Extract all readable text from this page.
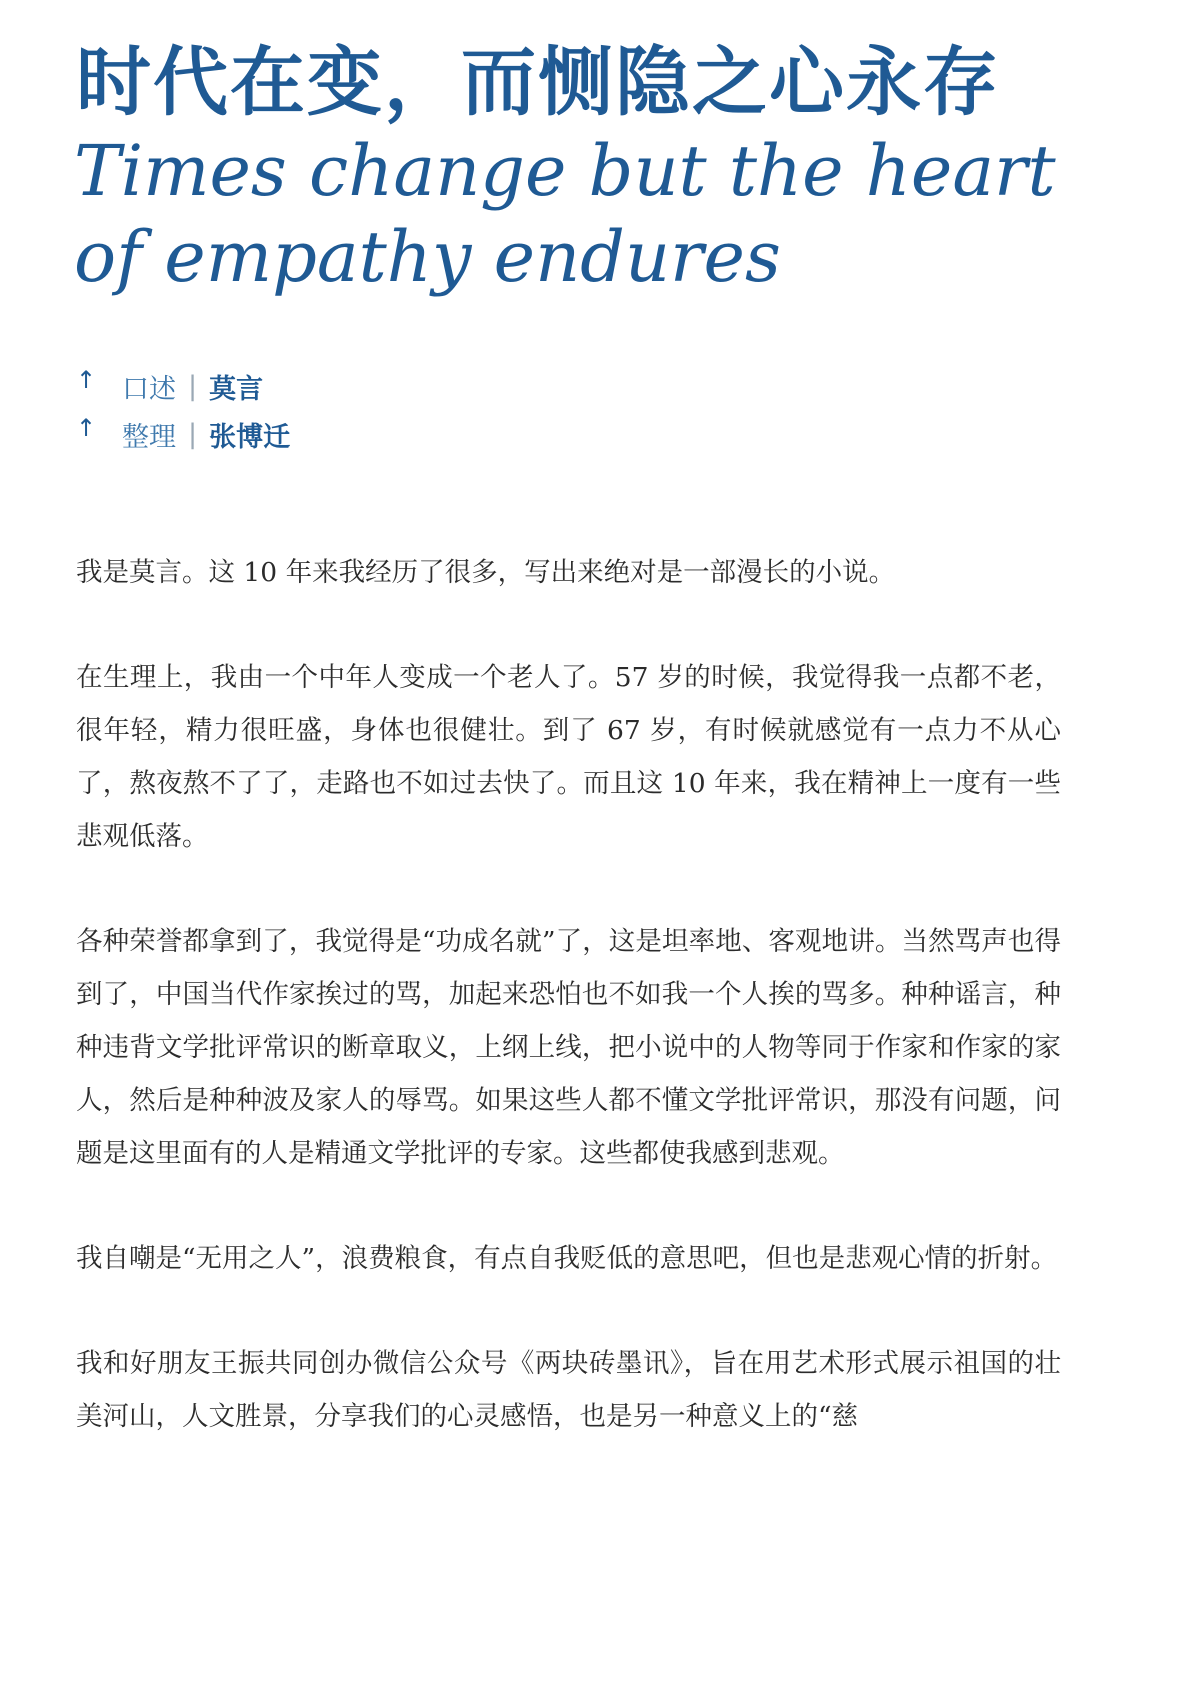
时代在变，而恻隐之心永存
Times change but the heart of empathy endures
↑ 口述 | 莫言
↑ 整理 | 张博迁

我是莫言。这 10 年来我经历了很多，写出来绝对是一部漫长的小说。

在生理上，我由一个中年人变成一个老人了。57 岁的时候，我觉得我一点都不老，很年轻，精力很旺盛，身体也很健壮。到了 67 岁，有时候就感觉有一点力不从心了，熬夜熬不了了，走路也不如过去快了。而且这 10 年来，我在精神上一度有一些悲观低落。

各种荣誉都拿到了，我觉得是“功成名就”了，这是坦率地、客观地讲。当然骂声也得到了，中国当代作家挨过的骂，加起来恐怕也不如我一个人挨的骂多。种种谣言，种种违背文学批评常识的断章取义，上纲上线，把小说中的人物等同于作家和作家的家人，然后是种种波及家人的辱骂。如果这些人都不懂文学批评常识，那没有问题，问题是这里面有的人是精通文学批评的专家。这些都使我感到悲观。

我自嘲是“无用之人”，浪费粮食，有点自我贬低的意思吧，但也是悲观心情的折射。

我和好朋友王振共同创办微信公众号《两块砖墨讯》，旨在用艺术形式展示祖国的壮美河山，人文胜景，分享我们的心灵感悟，也是另一种意义上的“慈
